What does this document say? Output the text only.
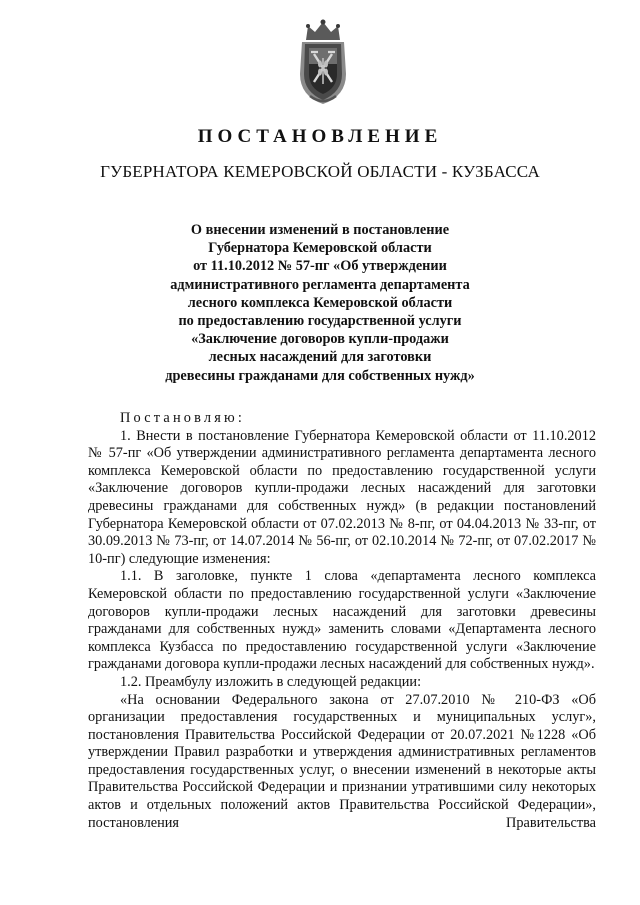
ПОСТАНОВЛЕНИЕ
ГУБЕРНАТОРА КЕМЕРОВСКОЙ ОБЛАСТИ - КУЗБАССА
О внесении изменений в постановление
Губернатора Кемеровской области
от 11.10.2012 № 57-пг «Об утверждении
административного регламента департамента
лесного комплекса Кемеровской области
по предоставлению государственной услуги
«Заключение договоров купли-продажи
лесных насаждений для заготовки
древесины гражданами для собственных нужд»
Постановляю:
1. Внести в постановление Губернатора Кемеровской области от 11.10.2012 № 57-пг «Об утверждении административного регламента департамента лесного комплекса Кемеровской области по предоставлению государственной услуги «Заключение договоров купли-продажи лесных насаждений для заготовки древесины гражданами для собственных нужд» (в редакции постановлений Губернатора Кемеровской области от 07.02.2013 № 8-пг, от 04.04.2013 № 33-пг, от 30.09.2013 № 73-пг, от 14.07.2014 № 56-пг, от 02.10.2014 № 72-пг, от 07.02.2017 № 10-пг) следующие изменения:
1.1. В заголовке, пункте 1 слова «департамента лесного комплекса Кемеровской области по предоставлению государственной услуги «Заключение договоров купли-продажи лесных насаждений для заготовки древесины гражданами для собственных нужд» заменить словами «Департамента лесного комплекса Кузбасса по предоставлению государственной услуги «Заключение гражданами договора купли-продажи лесных насаждений для собственных нужд».
1.2. Преамбулу изложить в следующей редакции:
«На основании Федерального закона от 27.07.2010 № 210-ФЗ «Об организации предоставления государственных и муниципальных услуг», постановления Правительства Российской Федерации от 20.07.2021 №1228 «Об утверждении Правил разработки и утверждения административных регламентов предоставления государственных услуг, о внесении изменений в некоторые акты Правительства Российской Федерации и признании утратившими силу некоторых актов и отдельных положений актов Правительства Российской Федерации», постановления Правительства
